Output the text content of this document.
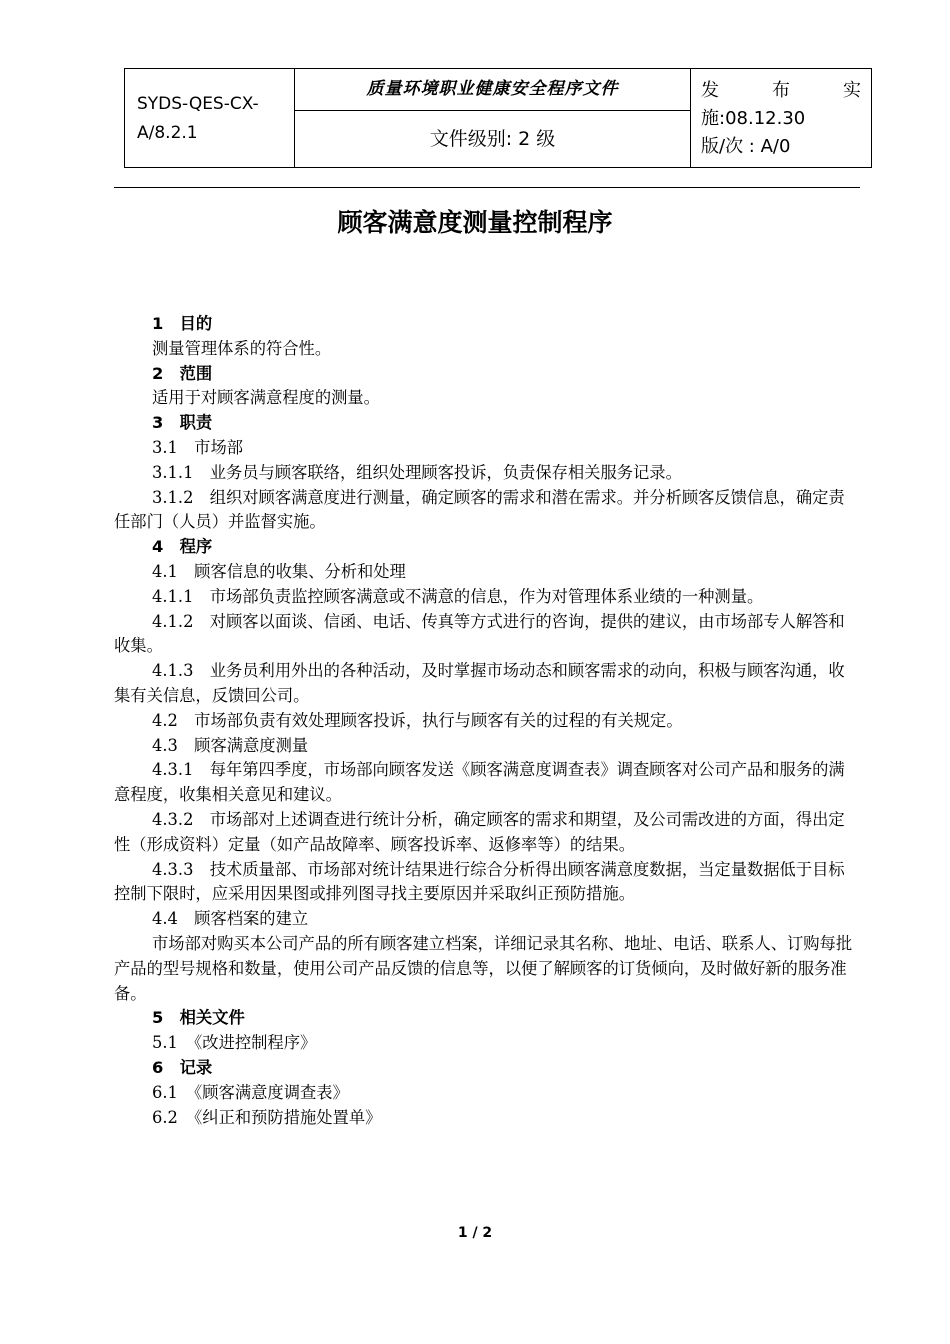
SYDS-QES-CX-A/8.2.1
质量环境职业健康安全程序文件
文件级别: 2 级
发	布	实
施:08.12.30
版/次 : A/0
顾客满意度测量控制程序

1　目的

测量管理体系的符合性。

2　范围

适用于对顾客满意程度的测量。

3　职责

3.1　市场部

3.1.1　业务员与顾客联络，组织处理顾客投诉，负责保存相关服务记录。

3.1.2　组织对顾客满意度进行测量，确定顾客的需求和潜在需求。并分析顾客反馈信息，确定责任部门（人员）并监督实施。

4　程序

4.1　顾客信息的收集、分析和处理

4.1.1　市场部负责监控顾客满意或不满意的信息，作为对管理体系业绩的一种测量。

4.1.2　对顾客以面谈、信函、电话、传真等方式进行的咨询，提供的建议，由市场部专人解答和收集。

4.1.3　业务员利用外出的各种活动，及时掌握市场动态和顾客需求的动向，积极与顾客沟通，收集有关信息，反馈回公司。

4.2　市场部负责有效处理顾客投诉，执行与顾客有关的过程的有关规定。

4.3　顾客满意度测量

4.3.1　每年第四季度，市场部向顾客发送《顾客满意度调查表》调查顾客对公司产品和服务的满意程度，收集相关意见和建议。

4.3.2　市场部对上述调查进行统计分析，确定顾客的需求和期望，及公司需改进的方面，得出定性（形成资料）定量（如产品故障率、顾客投诉率、返修率等）的结果。

4.3.3　技术质量部、市场部对统计结果进行综合分析得出顾客满意度数据，当定量数据低于目标控制下限时，应采用因果图或排列图寻找主要原因并采取纠正预防措施。

4.4　顾客档案的建立

市场部对购买本公司产品的所有顾客建立档案，详细记录其名称、地址、电话、联系人、订购每批产品的型号规格和数量，使用公司产品反馈的信息等，以便了解顾客的订货倾向，及时做好新的服务准备。

5　相关文件

5.1　《改进控制程序》

6　记录

6.1　《顾客满意度调查表》

6.2　《纠正和预防措施处置单》

1 / 2
